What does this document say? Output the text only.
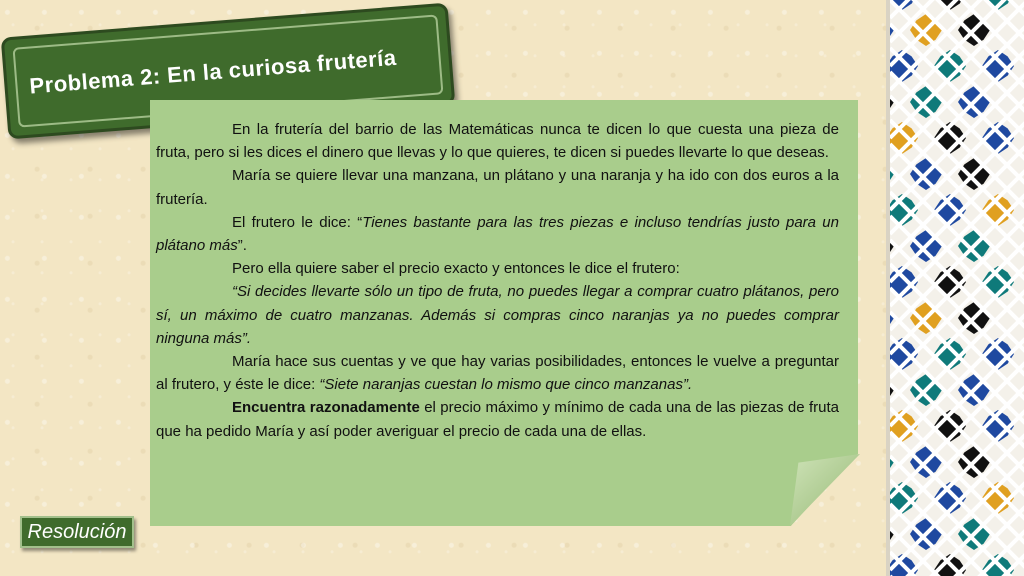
Problema 2: En la curiosa frutería

En la frutería del barrio de las Matemáticas nunca te dicen lo que cuesta una pieza de fruta, pero si les dices el dinero que llevas y lo que quieres, te dicen si puedes llevarte lo que deseas.

María se quiere llevar una manzana, un plátano y una naranja y ha ido con dos euros a la frutería.

El frutero le dice: “Tienes bastante para las tres piezas e incluso tendrías justo para un plátano más”.

Pero ella quiere saber el precio exacto y entonces le dice el frutero:

“Si decides llevarte sólo un tipo de fruta, no puedes llegar a comprar cuatro plátanos, pero sí, un máximo de cuatro manzanas. Además si compras cinco naranjas ya no puedes comprar ninguna más”.

María hace sus cuentas y ve que hay varias posibilidades, entonces le vuelve a preguntar al frutero, y éste le dice: “Siete naranjas cuestan lo mismo que cinco manzanas”.

Encuentra razonadamente el precio máximo y mínimo de cada una de las piezas de fruta que ha pedido María y así poder averiguar el precio de cada una de ellas.

Resolución
